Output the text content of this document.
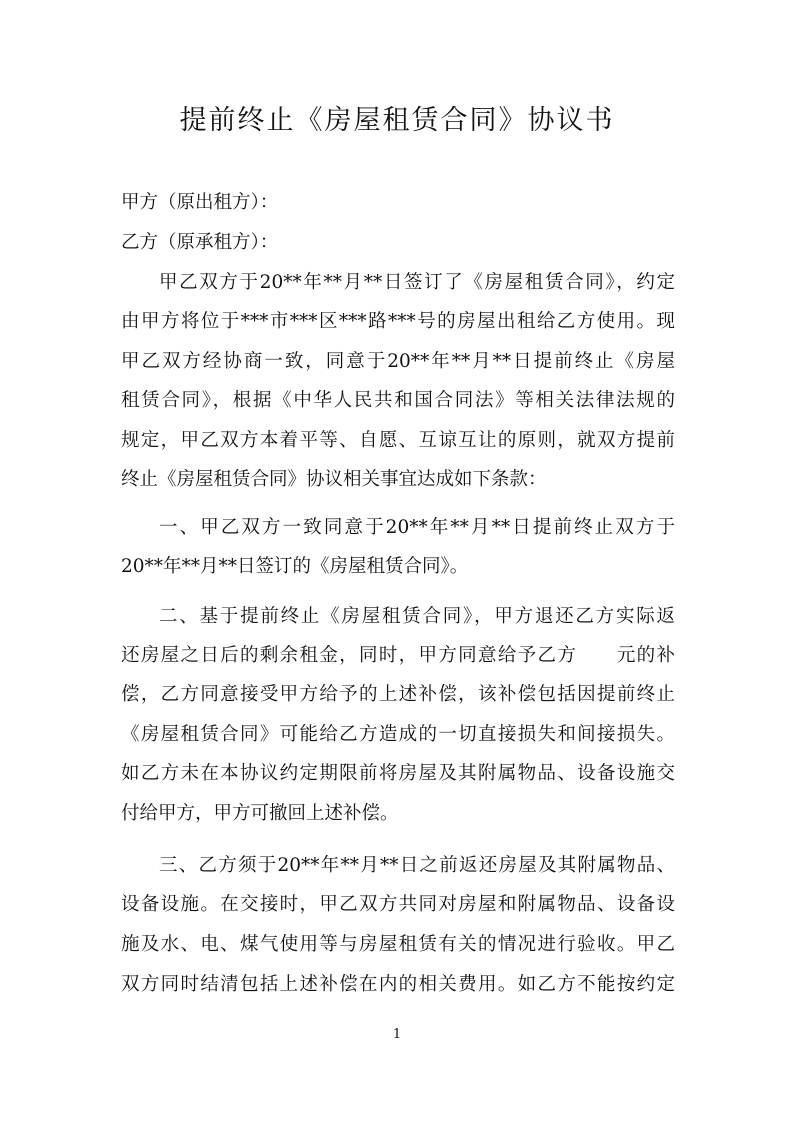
提前终止《房屋租赁合同》协议书
甲方（原出租方）：
乙方（原承租方）：
甲乙双方于20**年**月**日签订了《房屋租赁合同》，约定
由甲方将位于***市***区***路***号的房屋出租给乙方使用。现
甲乙双方经协商一致，同意于20**年**月**日提前终止《房屋
租赁合同》，根据《中华人民共和国合同法》等相关法律法规的
规定，甲乙双方本着平等、自愿、互谅互让的原则，就双方提前
终止《房屋租赁合同》协议相关事宜达成如下条款：
一、甲乙双方一致同意于20**年**月**日提前终止双方于
20**年**月**日签订的《房屋租赁合同》。
二、基于提前终止《房屋租赁合同》，甲方退还乙方实际返
还房屋之日后的剩余租金，同时，甲方同意给予乙方　　元的补
偿，乙方同意接受甲方给予的上述补偿，该补偿包括因提前终止
《房屋租赁合同》可能给乙方造成的一切直接损失和间接损失。
如乙方未在本协议约定期限前将房屋及其附属物品、设备设施交
付给甲方，甲方可撤回上述补偿。
三、乙方须于20**年**月**日之前返还房屋及其附属物品、
设备设施。在交接时，甲乙双方共同对房屋和附属物品、设备设
施及水、电、煤气使用等与房屋租赁有关的情况进行验收。甲乙
双方同时结清包括上述补偿在内的相关费用。如乙方不能按约定
1
